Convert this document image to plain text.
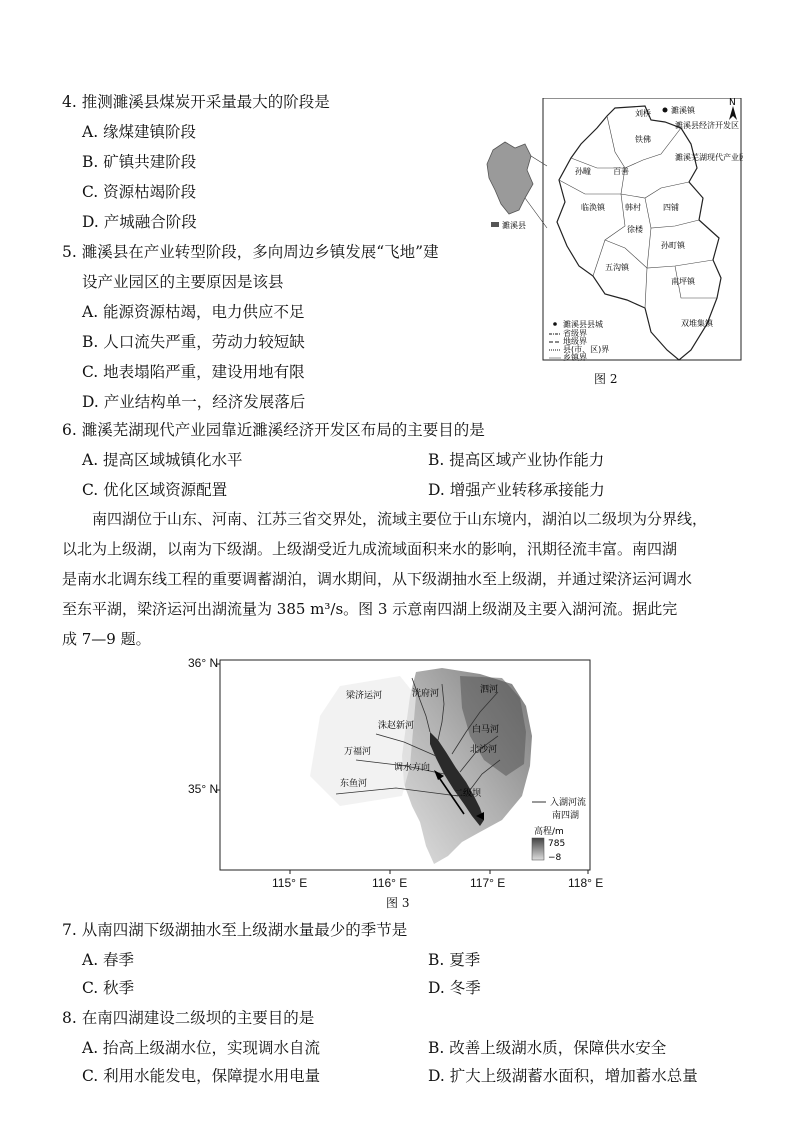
4. 推测濉溪县煤炭开采量最大的阶段是
A. 缘煤建镇阶段
B. 矿镇共建阶段
C. 资源枯竭阶段
D. 产城融合阶段
5. 濉溪县在产业转型阶段，多向周边乡镇发展“飞地”建
设产业园区的主要原因是该县
A. 能源资源枯竭，电力供应不足
B. 人口流失严重，劳动力较短缺
C. 地表塌陷严重，建设用地有限
D. 产业结构单一，经济发展落后
N
刘桥	濉溪镇
濉溪县经济开发区
濉溪芜湖现代产业园
铁佛
百善
孙疃
临涣镇	韩村	四铺
五沟镇
南坪镇
双堆集镇
孙町镇
徐楼
濉溪县
濉溪县县城
省级界
地级界
县(市、区)界
乡镇界
图 2
6. 濉溪芜湖现代产业园靠近濉溪经济开发区布局的主要目的是
A. 提高区域城镇化水平	B. 提高区域产业协作能力
C. 优化区域资源配置	D. 增强产业转移承接能力
南四湖位于山东、河南、江苏三省交界处，流域主要位于山东境内，湖泊以二级坝为分界线，
以北为上级湖，以南为下级湖。上级湖受近九成流域面积来水的影响，汛期径流丰富。南四湖
是南水北调东线工程的重要调蓄湖泊，调水期间，从下级湖抽水至上级湖，并通过梁济运河调水
至东平湖，梁济运河出湖流量为 385 m³/s。图 3 示意南四湖上级湖及主要入湖河流。据此完
成 7—9 题。
梁济运河	洸府河	泗河
洙赵新河	白马河
万福河	北沙河
东鱼河
调水方向
二级坝
入湖河流
南四湖
高程/m
785
−8
36° N
35° N
115° E	116° E	117° E	118° E
图 3
7. 从南四湖下级湖抽水至上级湖水量最少的季节是
A. 春季	B. 夏季
C. 秋季	D. 冬季
8. 在南四湖建设二级坝的主要目的是
A. 抬高上级湖水位，实现调水自流	B. 改善上级湖水质，保障供水安全
C. 利用水能发电，保障提水用电量	D. 扩大上级湖蓄水面积，增加蓄水总量
